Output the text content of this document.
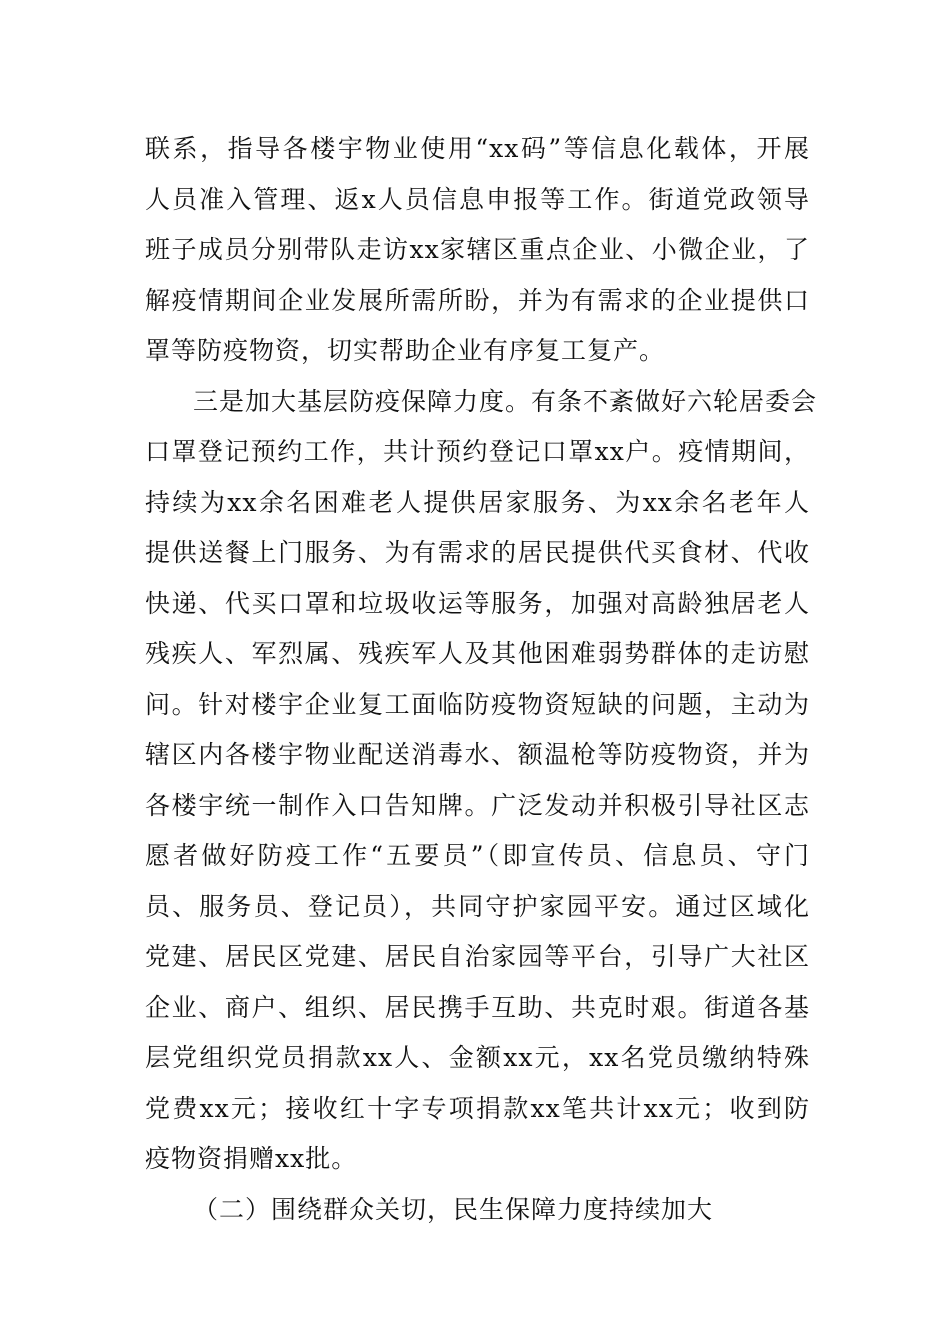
联系，指导各楼宇物业使用“xx码”等信息化载体，开展
人员准入管理、返x人员信息申报等工作。街道党政领导
班子成员分别带队走访xx家辖区重点企业、小微企业，了
解疫情期间企业发展所需所盼，并为有需求的企业提供口
罩等防疫物资，切实帮助企业有序复工复产。
三是加大基层防疫保障力度。有条不紊做好六轮居委会
口罩登记预约工作，共计预约登记口罩xx户。疫情期间，
持续为xx余名困难老人提供居家服务、为xx余名老年人
提供送餐上门服务、为有需求的居民提供代买食材、代收
快递、代买口罩和垃圾收运等服务，加强对高龄独居老人
残疾人、军烈属、残疾军人及其他困难弱势群体的走访慰
问。针对楼宇企业复工面临防疫物资短缺的问题，主动为
辖区内各楼宇物业配送消毒水、额温枪等防疫物资，并为
各楼宇统一制作入口告知牌。广泛发动并积极引导社区志
愿者做好防疫工作“五要员”（即宣传员、信息员、守门
员、服务员、登记员），共同守护家园平安。通过区域化
党建、居民区党建、居民自治家园等平台，引导广大社区
企业、商户、组织、居民携手互助、共克时艰。街道各基
层党组织党员捐款xx人、金额xx元，xx名党员缴纳特殊
党费xx元；接收红十字专项捐款xx笔共计xx元；收到防
疫物资捐赠xx批。
（二）围绕群众关切，民生保障力度持续加大
